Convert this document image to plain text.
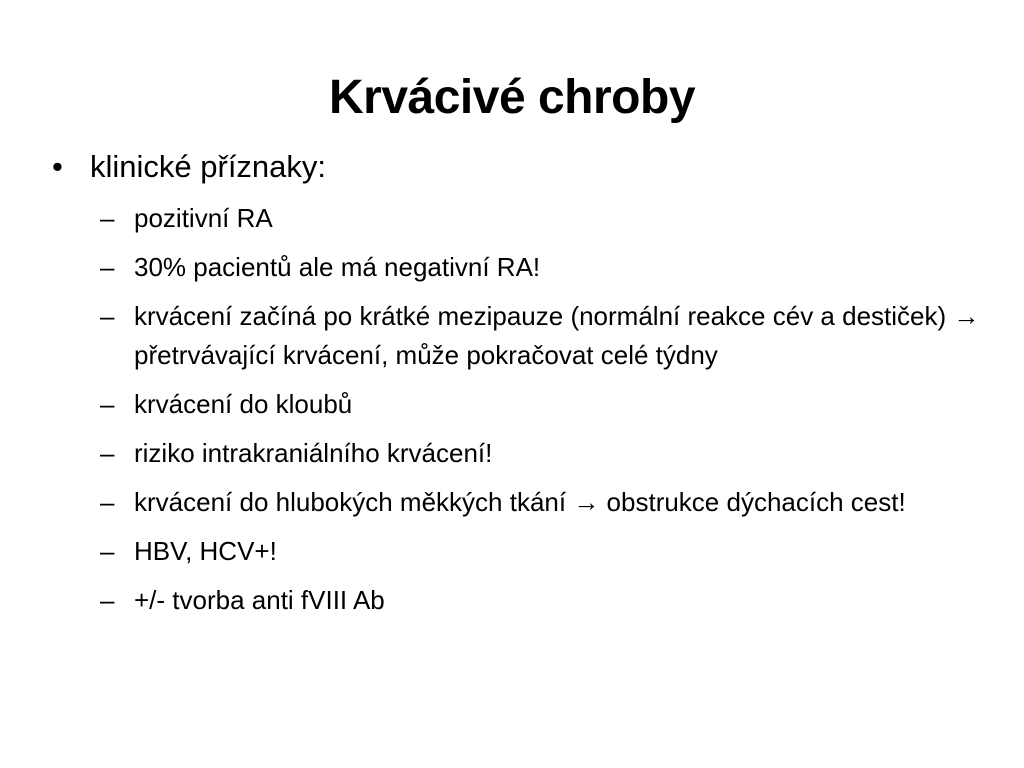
Krvácivé chroby
• klinické příznaky:
– pozitivní RA
– 30% pacientů ale má negativní RA!
– krvácení začíná po krátké mezipauze (normální reakce cév a destiček) → přetrvávající krvácení, může pokračovat celé týdny
– krvácení do kloubů
– riziko intrakraniálního krvácení!
– krvácení do hlubokých měkkých tkání → obstrukce dýchacích cest!
– HBV, HCV+!
– +/- tvorba anti fVIII Ab
